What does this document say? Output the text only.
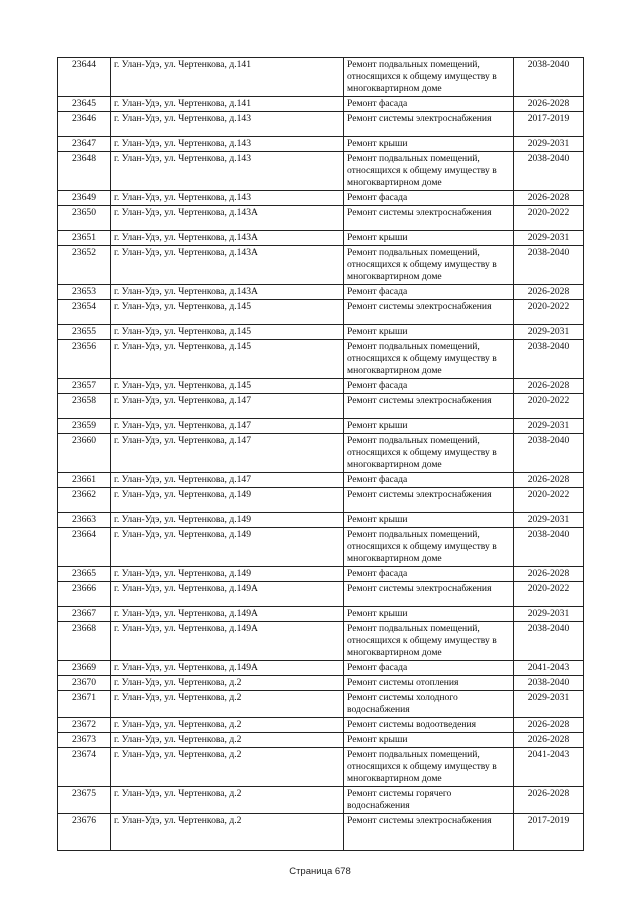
23644	г. Улан-Удэ, ул. Чертенкова, д.141	Ремонт подвальных помещений, относящихся к общему имуществу в многоквартирном доме	2038-2040
23645	г. Улан-Удэ, ул. Чертенкова, д.141	Ремонт фасада	2026-2028
23646	г. Улан-Удэ, ул. Чертенкова, д.143	Ремонт системы электроснабжения	2017-2019
23647	г. Улан-Удэ, ул. Чертенкова, д.143	Ремонт крыши	2029-2031
23648	г. Улан-Удэ, ул. Чертенкова, д.143	Ремонт подвальных помещений, относящихся к общему имуществу в многоквартирном доме	2038-2040
23649	г. Улан-Удэ, ул. Чертенкова, д.143	Ремонт фасада	2026-2028
23650	г. Улан-Удэ, ул. Чертенкова, д.143А	Ремонт системы электроснабжения	2020-2022
23651	г. Улан-Удэ, ул. Чертенкова, д.143А	Ремонт крыши	2029-2031
23652	г. Улан-Удэ, ул. Чертенкова, д.143А	Ремонт подвальных помещений, относящихся к общему имуществу в многоквартирном доме	2038-2040
23653	г. Улан-Удэ, ул. Чертенкова, д.143А	Ремонт фасада	2026-2028
23654	г. Улан-Удэ, ул. Чертенкова, д.145	Ремонт системы электроснабжения	2020-2022
23655	г. Улан-Удэ, ул. Чертенкова, д.145	Ремонт крыши	2029-2031
23656	г. Улан-Удэ, ул. Чертенкова, д.145	Ремонт подвальных помещений, относящихся к общему имуществу в многоквартирном доме	2038-2040
23657	г. Улан-Удэ, ул. Чертенкова, д.145	Ремонт фасада	2026-2028
23658	г. Улан-Удэ, ул. Чертенкова, д.147	Ремонт системы электроснабжения	2020-2022
23659	г. Улан-Удэ, ул. Чертенкова, д.147	Ремонт крыши	2029-2031
23660	г. Улан-Удэ, ул. Чертенкова, д.147	Ремонт подвальных помещений, относящихся к общему имуществу в многоквартирном доме	2038-2040
23661	г. Улан-Удэ, ул. Чертенкова, д.147	Ремонт фасада	2026-2028
23662	г. Улан-Удэ, ул. Чертенкова, д.149	Ремонт системы электроснабжения	2020-2022
23663	г. Улан-Удэ, ул. Чертенкова, д.149	Ремонт крыши	2029-2031
23664	г. Улан-Удэ, ул. Чертенкова, д.149	Ремонт подвальных помещений, относящихся к общему имуществу в многоквартирном доме	2038-2040
23665	г. Улан-Удэ, ул. Чертенкова, д.149	Ремонт фасада	2026-2028
23666	г. Улан-Удэ, ул. Чертенкова, д.149А	Ремонт системы электроснабжения	2020-2022
23667	г. Улан-Удэ, ул. Чертенкова, д.149А	Ремонт крыши	2029-2031
23668	г. Улан-Удэ, ул. Чертенкова, д.149А	Ремонт подвальных помещений, относящихся к общему имуществу в многоквартирном доме	2038-2040
23669	г. Улан-Удэ, ул. Чертенкова, д.149А	Ремонт фасада	2041-2043
23670	г. Улан-Удэ, ул. Чертенкова, д.2	Ремонт системы отопления	2038-2040
23671	г. Улан-Удэ, ул. Чертенкова, д.2	Ремонт системы холодного водоснабжения	2029-2031
23672	г. Улан-Удэ, ул. Чертенкова, д.2	Ремонт системы водоотведения	2026-2028
23673	г. Улан-Удэ, ул. Чертенкова, д.2	Ремонт крыши	2026-2028
23674	г. Улан-Удэ, ул. Чертенкова, д.2	Ремонт подвальных помещений, относящихся к общему имуществу в многоквартирном доме	2041-2043
23675	г. Улан-Удэ, ул. Чертенкова, д.2	Ремонт системы горячего водоснабжения	2026-2028
23676	г. Улан-Удэ, ул. Чертенкова, д.2	Ремонт системы электроснабжения	2017-2019
Страница 678
